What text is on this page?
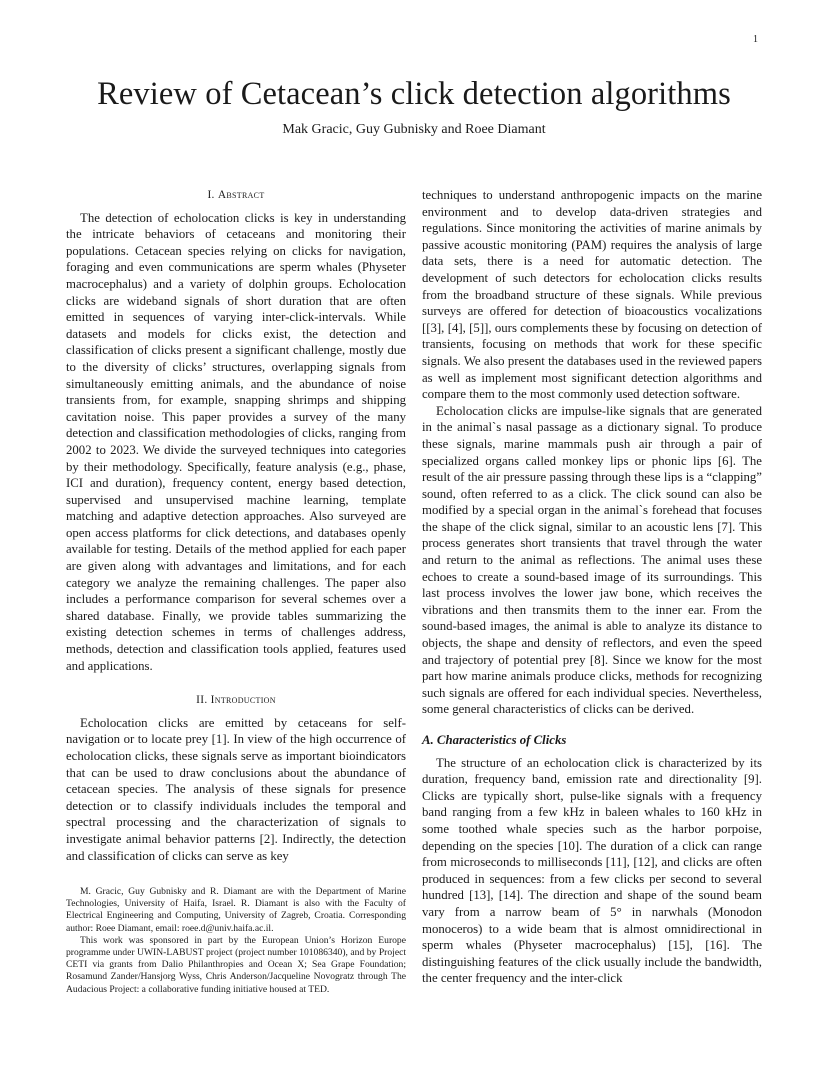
1
Review of Cetacean’s click detection algorithms
Mak Gracic, Guy Gubnisky and Roee Diamant
I. Abstract

The detection of echolocation clicks is key in understanding the intricate behaviors of cetaceans and monitoring their populations. Cetacean species relying on clicks for navigation, foraging and even communications are sperm whales (Physeter macrocephalus) and a variety of dolphin groups. Echolocation clicks are wideband signals of short duration that are often emitted in sequences of varying inter-click-intervals. While datasets and models for clicks exist, the detection and classification of clicks present a significant challenge, mostly due to the diversity of clicks’ structures, overlapping signals from simultaneously emitting animals, and the abundance of noise transients from, for example, snapping shrimps and shipping cavitation noise. This paper provides a survey of the many detection and classification methodologies of clicks, ranging from 2002 to 2023. We divide the surveyed techniques into categories by their methodology. Specifically, feature analysis (e.g., phase, ICI and duration), frequency content, energy based detection, supervised and unsupervised machine learning, template matching and adaptive detection approaches. Also surveyed are open access platforms for click detections, and databases openly available for testing. Details of the method applied for each paper are given along with advantages and limitations, and for each category we analyze the remaining challenges. The paper also includes a performance comparison for several schemes over a shared database. Finally, we provide tables summarizing the existing detection schemes in terms of challenges address, methods, detection and classification tools applied, features used and applications.

II. Introduction

Echolocation clicks are emitted by cetaceans for self-navigation or to locate prey [1]. In view of the high occurrence of echolocation clicks, these signals serve as important bioindicators that can be used to draw conclusions about the abundance of cetacean species. The analysis of these signals for presence detection or to classify individuals includes the temporal and spectral processing and the characterization of signals to investigate animal behavior patterns [2]. Indirectly, the detection and classification of clicks can serve as key

M. Gracic, Guy Gubnisky and R. Diamant are with the Department of Marine Technologies, University of Haifa, Israel. R. Diamant is also with the Faculty of Electrical Engineering and Computing, University of Zagreb, Croatia. Corresponding author: Roee Diamant, email: roee.d@univ.haifa.ac.il.

This work was sponsored in part by the European Union’s Horizon Europe programme under UWIN-LABUST project (project number 101086340), and by Project CETI via grants from Dalio Philanthropies and Ocean X; Sea Grape Foundation; Rosamund Zander/Hansjorg Wyss, Chris Anderson/Jacqueline Novogratz through The Audacious Project: a collaborative funding initiative housed at TED.

techniques to understand anthropogenic impacts on the marine environment and to develop data-driven strategies and regulations. Since monitoring the activities of marine animals by passive acoustic monitoring (PAM) requires the analysis of large data sets, there is a need for automatic detection. The development of such detectors for echolocation clicks results from the broadband structure of these signals. While previous surveys are offered for detection of bioacoustics vocalizations [[3], [4], [5]], ours complements these by focusing on detection of transients, focusing on methods that work for these specific signals. We also present the databases used in the reviewed papers as well as implement most significant detection algorithms and compare them to the most commonly used detection software.

Echolocation clicks are impulse-like signals that are generated in the animal`s nasal passage as a dictionary signal. To produce these signals, marine mammals push air through a pair of specialized organs called monkey lips or phonic lips [6]. The result of the air pressure passing through these lips is a “clapping” sound, often referred to as a click. The click sound can also be modified by a special organ in the animal`s forehead that focuses the shape of the click signal, similar to an acoustic lens [7]. This process generates short transients that travel through the water and return to the animal as reflections. The animal uses these echoes to create a sound-based image of its surroundings. This last process involves the lower jaw bone, which receives the vibrations and then transmits them to the inner ear. From the sound-based images, the animal is able to analyze its distance to objects, the shape and density of reflectors, and even the speed and trajectory of potential prey [8]. Since we know for the most part how marine animals produce clicks, methods for recognizing such signals are offered for each individual species. Nevertheless, some general characteristics of clicks can be derived.

A. Characteristics of Clicks

The structure of an echolocation click is characterized by its duration, frequency band, emission rate and directionality [9]. Clicks are typically short, pulse-like signals with a frequency band ranging from a few kHz in baleen whales to 160 kHz in some toothed whale species such as the harbor porpoise, depending on the species [10]. The duration of a click can range from microseconds to milliseconds [11], [12], and clicks are often produced in sequences: from a few clicks per second to several hundred [13], [14]. The direction and shape of the sound beam vary from a narrow beam of 5° in narwhals (Monodon monoceros) to a wide beam that is almost omnidirectional in sperm whales (Physeter macrocephalus) [15], [16]. The distinguishing features of the click usually include the bandwidth, the center frequency and the inter-click
